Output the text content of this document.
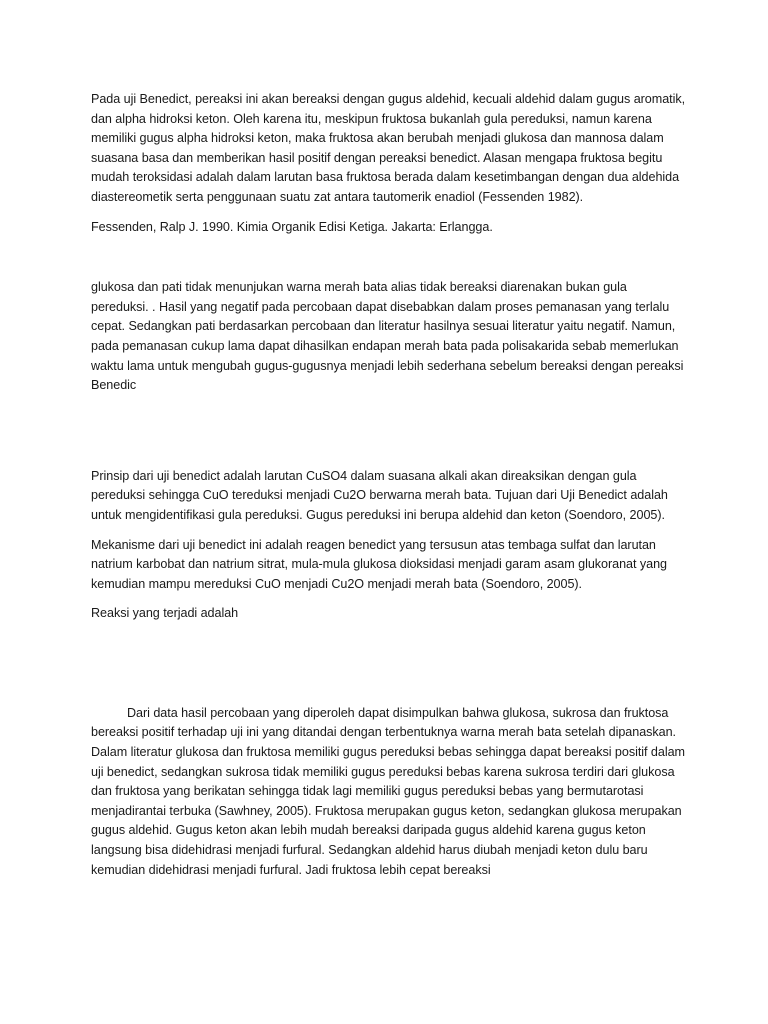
Pada uji Benedict, pereaksi ini akan bereaksi dengan gugus aldehid, kecuali aldehid dalam gugus aromatik, dan alpha hidroksi keton. Oleh karena itu, meskipun fruktosa bukanlah gula pereduksi, namun karena memiliki gugus alpha hidroksi keton, maka fruktosa akan berubah menjadi glukosa dan mannosa dalam suasana basa dan memberikan hasil positif dengan pereaksi benedict. Alasan mengapa fruktosa begitu mudah teroksidasi adalah dalam larutan basa fruktosa berada dalam kesetimbangan dengan dua aldehida diastereometik serta penggunaan suatu zat antara tautomerik enadiol (Fessenden 1982).

Fessenden, Ralp J. 1990. Kimia Organik Edisi Ketiga. Jakarta: Erlangga.

glukosa dan pati tidak menunjukan warna merah bata alias tidak bereaksi diarenakan bukan gula pereduksi. . Hasil yang negatif pada percobaan dapat disebabkan dalam proses pemanasan yang terlalu cepat. Sedangkan pati berdasarkan percobaan dan literatur hasilnya sesuai literatur yaitu negatif. Namun, pada pemanasan cukup lama dapat dihasilkan endapan merah bata pada polisakarida sebab memerlukan waktu lama untuk mengubah gugus-gugusnya menjadi lebih sederhana sebelum bereaksi dengan pereaksi Benedic

Prinsip dari uji benedict adalah larutan CuSO4 dalam suasana alkali akan direaksikan dengan gula pereduksi sehingga CuO tereduksi menjadi Cu2O berwarna merah bata. Tujuan dari Uji Benedict adalah untuk mengidentifikasi gula pereduksi. Gugus pereduksi ini berupa aldehid dan keton (Soendoro, 2005).

Mekanisme dari uji benedict ini adalah reagen benedict yang tersusun atas tembaga sulfat dan larutan natrium karbobat dan natrium sitrat, mula-mula glukosa dioksidasi menjadi garam asam glukoranat yang kemudian mampu mereduksi CuO menjadi Cu2O menjadi merah bata (Soendoro, 2005).

Reaksi yang terjadi adalah

Dari data hasil percobaan yang diperoleh dapat disimpulkan bahwa glukosa, sukrosa dan fruktosa bereaksi positif terhadap uji ini yang ditandai dengan terbentuknya warna merah bata setelah dipanaskan. Dalam literatur glukosa dan fruktosa memiliki gugus pereduksi bebas sehingga dapat bereaksi positif dalam uji benedict, sedangkan sukrosa tidak memiliki gugus pereduksi bebas karena sukrosa terdiri dari glukosa dan fruktosa yang berikatan sehingga tidak lagi memiliki gugus pereduksi bebas yang bermutarotasi menjadirantai terbuka (Sawhney, 2005). Fruktosa merupakan gugus keton, sedangkan glukosa merupakan gugus aldehid. Gugus keton akan lebih mudah bereaksi daripada gugus aldehid karena gugus keton langsung bisa didehidrasi menjadi furfural. Sedangkan aldehid harus diubah menjadi keton dulu baru kemudian didehidrasi menjadi furfural. Jadi fruktosa lebih cepat bereaksi
